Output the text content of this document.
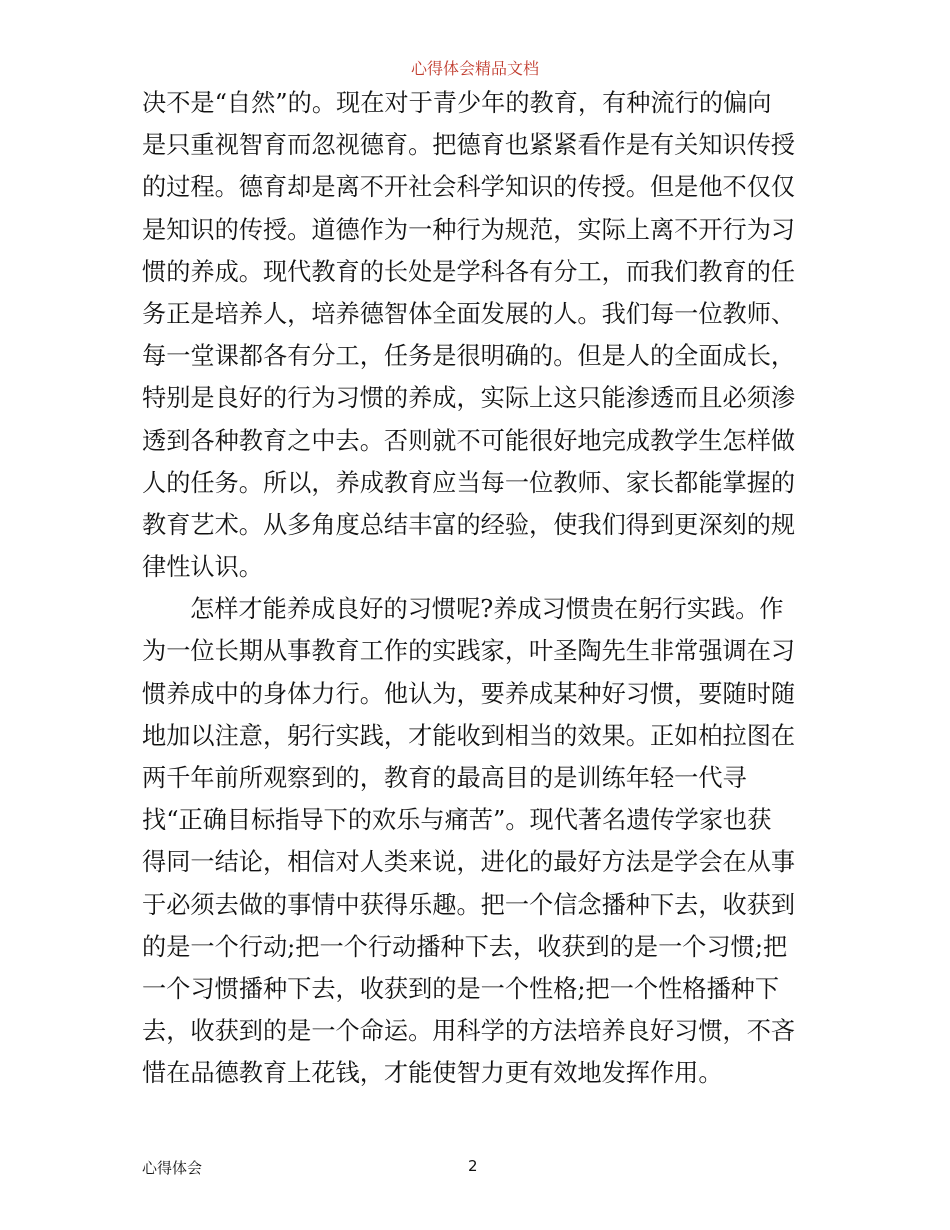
心得体会精品文档
决不是“自然”的。现在对于青少年的教育，有种流行的偏向
是只重视智育而忽视德育。把德育也紧紧看作是有关知识传授
的过程。德育却是离不开社会科学知识的传授。但是他不仅仅
是知识的传授。道德作为一种行为规范，实际上离不开行为习
惯的养成。现代教育的长处是学科各有分工，而我们教育的任
务正是培养人，培养德智体全面发展的人。我们每一位教师、
每一堂课都各有分工，任务是很明确的。但是人的全面成长，
特别是良好的行为习惯的养成，实际上这只能渗透而且必须渗
透到各种教育之中去。否则就不可能很好地完成教学生怎样做
人的任务。所以，养成教育应当每一位教师、家长都能掌握的
教育艺术。从多角度总结丰富的经验，使我们得到更深刻的规
律性认识。
怎样才能养成良好的习惯呢?养成习惯贵在躬行实践。作
为一位长期从事教育工作的实践家，叶圣陶先生非常强调在习
惯养成中的身体力行。他认为，要养成某种好习惯，要随时随
地加以注意，躬行实践，才能收到相当的效果。正如柏拉图在
两千年前所观察到的，教育的最高目的是训练年轻一代寻
找“正确目标指导下的欢乐与痛苦”。现代著名遗传学家也获
得同一结论，相信对人类来说，进化的最好方法是学会在从事
于必须去做的事情中获得乐趣。把一个信念播种下去，收获到
的是一个行动;把一个行动播种下去，收获到的是一个习惯;把
一个习惯播种下去，收获到的是一个性格;把一个性格播种下
去，收获到的是一个命运。用科学的方法培养良好习惯，不吝
惜在品德教育上花钱，才能使智力更有效地发挥作用。
心得体会	2
